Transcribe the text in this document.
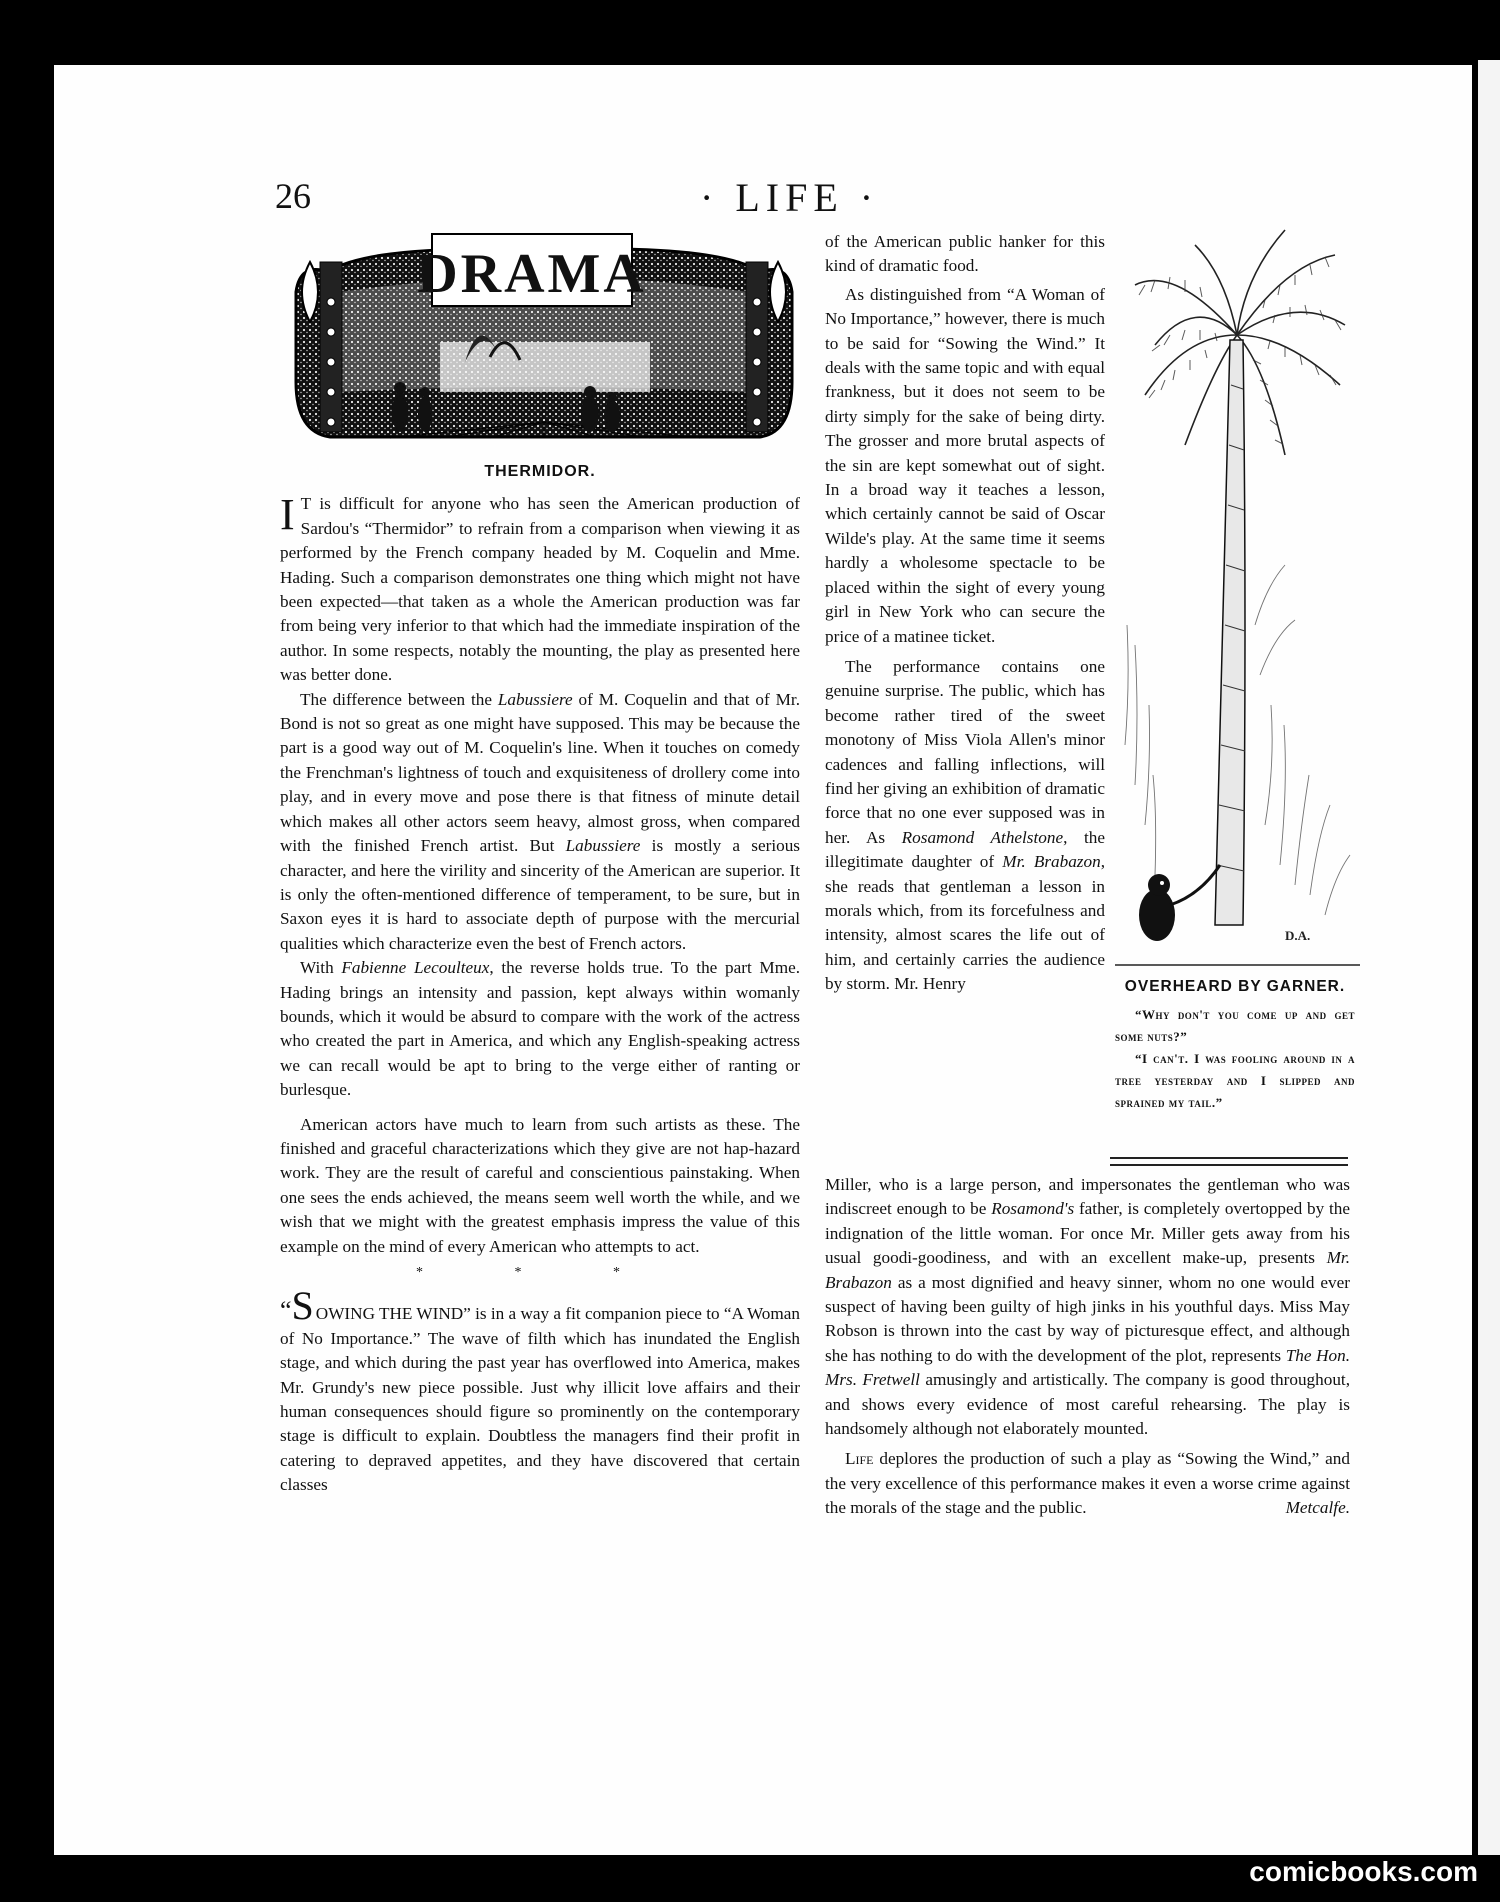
26	· LIFE ·
DRAMA
THERMIDOR.

I T is difficult for anyone who has seen the American production of Sardou's “Thermidor” to refrain from a comparison when viewing it as performed by the French company headed by M. Coquelin and Mme. Hading. Such a comparison demonstrates one thing which might not have been expected—that taken as a whole the American production was far from being very inferior to that which had the immediate inspiration of the author. In some respects, notably the mounting, the play as presented here was better done.

The difference between the Labussiere of M. Coquelin and that of Mr. Bond is not so great as one might have supposed. This may be because the part is a good way out of M. Coquelin's line. When it touches on comedy the Frenchman's lightness of touch and exquisiteness of drollery come into play, and in every move and pose there is that fitness of minute detail which makes all other actors seem heavy, almost gross, when compared with the finished French artist. But Labussiere is mostly a serious character, and here the virility and sincerity of the American are superior. It is only the often-mentioned difference of temperament, to be sure, but in Saxon eyes it is hard to associate depth of purpose with the mercurial qualities which characterize even the best of French actors.

With Fabienne Lecoulteux, the reverse holds true. To the part Mme. Hading brings an intensity and passion, kept always within womanly bounds, which it would be absurd to compare with the work of the actress who created the part in America, and which any English-speaking actress we can recall would be apt to bring to the verge either of ranting or burlesque.

American actors have much to learn from such artists as these. The finished and graceful characterizations which they give are not hap-hazard work. They are the result of careful and conscientious painstaking. When one sees the ends achieved, the means seem well worth the while, and we wish that we might with the greatest emphasis impress the value of this example on the mind of every American who attempts to act.

* * *

“S OWING THE WIND” is in a way a fit companion piece to “A Woman of No Importance.” The wave of filth which has inundated the English stage, and which during the past year has overflowed into America, makes Mr. Grundy's new piece possible. Just why illicit love affairs and their human consequences should figure so prominently on the contemporary stage is difficult to explain. Doubtless the managers find their profit in catering to depraved appetites, and they have discovered that certain classes

of the American public hanker for this kind of dramatic food.

As distinguished from “A Woman of No Importance,” however, there is much to be said for “Sowing the Wind.” It deals with the same topic and with equal frankness, but it does not seem to be dirty simply for the sake of being dirty. The grosser and more brutal aspects of the sin are kept somewhat out of sight. In a broad way it teaches a lesson, which certainly cannot be said of Oscar Wilde's play. At the same time it seems hardly a wholesome spectacle to be placed within the sight of every young girl in New York who can secure the price of a matinee ticket.

The performance contains one genuine surprise. The public, which has become rather tired of the sweet monotony of Miss Viola Allen's minor cadences and falling inflections, will find her giving an exhibition of dramatic force that no one ever supposed was in her. As Rosamond Athelstone, the illegitimate daughter of Mr. Brabazon, she reads that gentleman a lesson in morals which, from its forcefulness and intensity, almost scares the life out of him, and certainly carries the audience by storm. Mr. Henry

Miller, who is a large person, and impersonates the gentleman who was indiscreet enough to be Rosamond's father, is completely overtopped by the indignation of the little woman. For once Mr. Miller gets away from his usual goodi-goodiness, and with an excellent make-up, presents Mr. Brabazon as a most dignified and heavy sinner, whom no one would ever suspect of having been guilty of high jinks in his youthful days. Miss May Robson is thrown into the cast by way of picturesque effect, and although she has nothing to do with the development of the plot, represents The Hon. Mrs. Fretwell amusingly and artistically. The company is good throughout, and shows every evidence of most careful rehearsing. The play is handsomely although not elaborately mounted.

Life deplores the production of such a play as “Sowing the Wind,” and the very excellence of this performance makes it even a worse crime against the morals of the stage and the public.	Metcalfe.

D.A.
OVERHEARD BY GARNER.

“Why don't you come up and get some nuts?”

“I can't. I was fooling around in a tree yesterday and I slipped and sprained my tail.”

comicbooks.com
